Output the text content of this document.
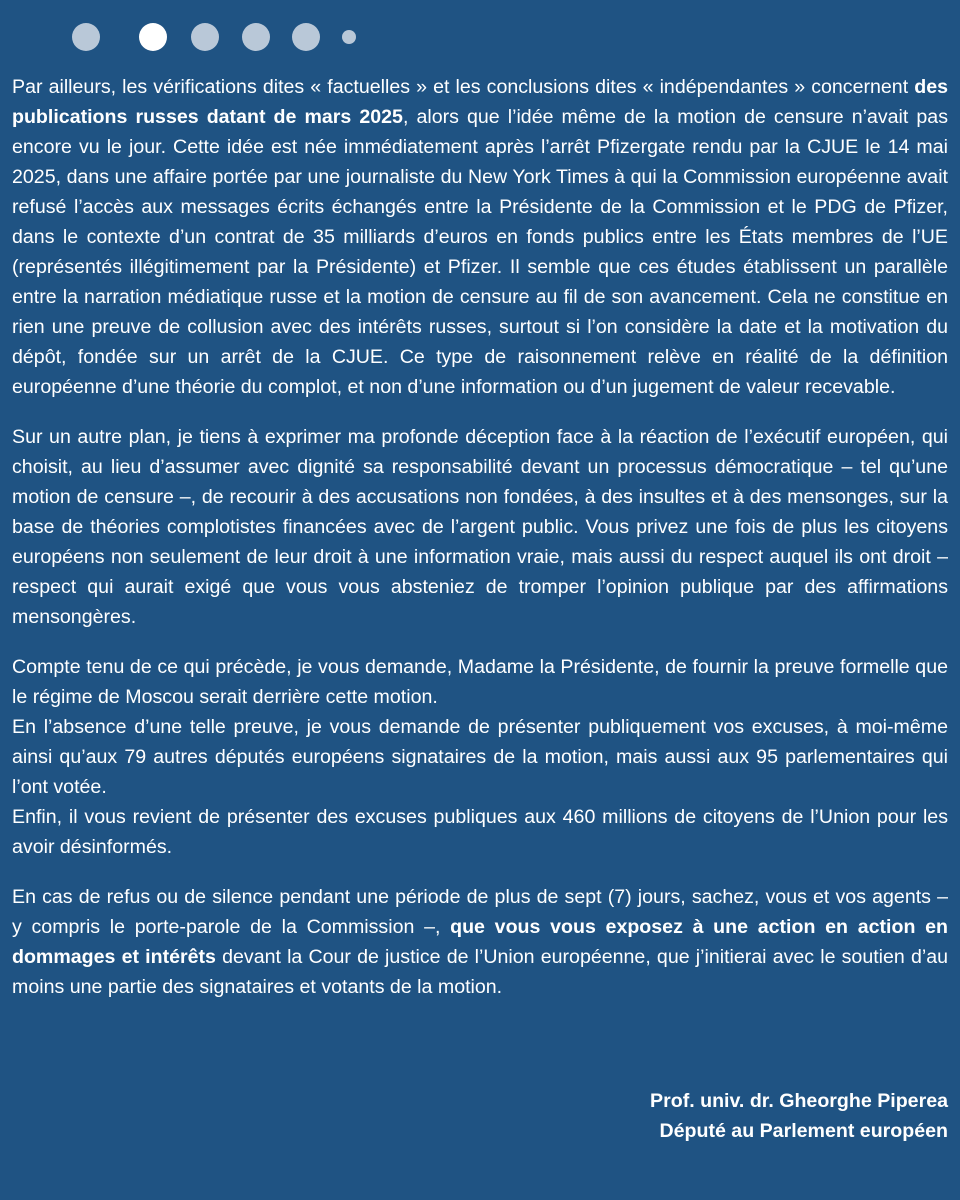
Par ailleurs, les vérifications dites « factuelles » et les conclusions dites « indépendantes » concernent des publications russes datant de mars 2025, alors que l’idée même de la motion de censure n’avait pas encore vu le jour. Cette idée est née immédiatement après l’arrêt Pfizergate rendu par la CJUE le 14 mai 2025, dans une affaire portée par une journaliste du New York Times à qui la Commission européenne avait refusé l’accès aux messages écrits échangés entre la Présidente de la Commission et le PDG de Pfizer, dans le contexte d’un contrat de 35 milliards d’euros en fonds publics entre les États membres de l’UE (représentés illégitimement par la Présidente) et Pfizer. Il semble que ces études établissent un parallèle entre la narration médiatique russe et la motion de censure au fil de son avancement. Cela ne constitue en rien une preuve de collusion avec des intérêts russes, surtout si l’on considère la date et la motivation du dépôt, fondée sur un arrêt de la CJUE. Ce type de raisonnement relève en réalité de la définition européenne d’une théorie du complot, et non d’une information ou d’un jugement de valeur recevable.

Sur un autre plan, je tiens à exprimer ma profonde déception face à la réaction de l’exécutif européen, qui choisit, au lieu d’assumer avec dignité sa responsabilité devant un processus démocratique – tel qu’une motion de censure –, de recourir à des accusations non fondées, à des insultes et à des mensonges, sur la base de théories complotistes financées avec de l’argent public. Vous privez une fois de plus les citoyens européens non seulement de leur droit à une information vraie, mais aussi du respect auquel ils ont droit – respect qui aurait exigé que vous vous absteniez de tromper l’opinion publique par des affirmations mensongères.

Compte tenu de ce qui précède, je vous demande, Madame la Présidente, de fournir la preuve formelle que le régime de Moscou serait derrière cette motion.

En l’absence d’une telle preuve, je vous demande de présenter publiquement vos excuses, à moi-même ainsi qu’aux 79 autres députés européens signataires de la motion, mais aussi aux 95 parlementaires qui l’ont votée.

Enfin, il vous revient de présenter des excuses publiques aux 460 millions de citoyens de l’Union pour les avoir désinformés.

En cas de refus ou de silence pendant une période de plus de sept (7) jours, sachez, vous et vos agents – y compris le porte-parole de la Commission –, que vous vous exposez à une action en action en dommages et intérêts devant la Cour de justice de l’Union européenne, que j’initierai avec le soutien d’au moins une partie des signataires et votants de la motion.

Prof. univ. dr. Gheorghe Piperea
Député au Parlement européen
